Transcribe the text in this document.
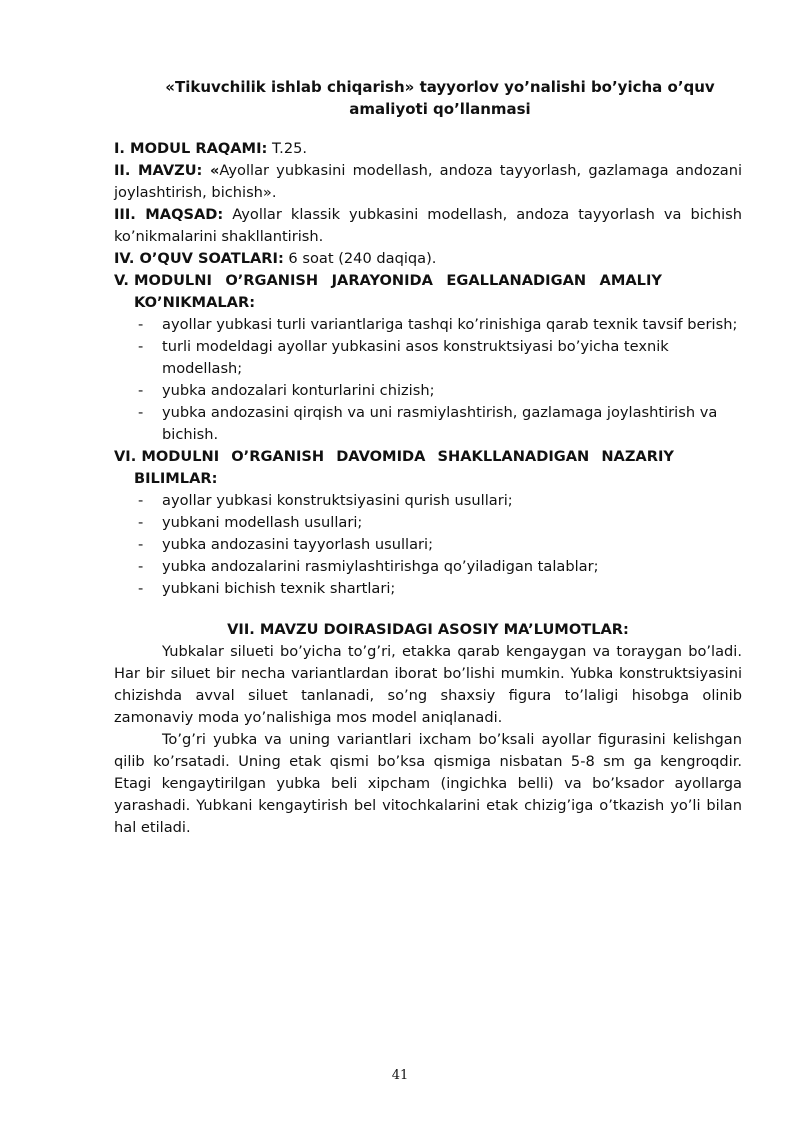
«Tikuvchilik ishlab chiqarish» tayyorlov yo’nalishi bo’yicha o’quv
amaliyoti qo’llanmasi

I. MODUL RAQAMI: T.25.

II. MAVZU: «Ayollar yubkasini modellash, andoza tayyorlash, gazlamaga andozani joylashtirish, bichish».

III. MAQSAD: Ayollar klassik yubkasini modellash, andoza tayyorlash va bichish ko’nikmalarini shakllantirish.

IV. O’QUV SOATLARI: 6 soat (240 daqiqa).

V. MODULNI O’RGANISH JARAYONIDA EGALLANADIGAN AMALIY
KO’NIKMALAR:
- ayollar yubkasi turli variantlariga tashqi ko’rinishiga qarab texnik tavsif berish;
- turli modeldagi ayollar yubkasini asos konstruktsiyasi bo’yicha texnik modellash;
- yubka andozalari konturlarini chizish;
- yubka andozasini qirqish va uni rasmiylashtirish, gazlamaga joylashtirish va bichish.
VI. MODULNI O’RGANISH DAVOMIDA SHAKLLANADIGAN NAZARIY
BILIMLAR:
- ayollar yubkasi konstruktsiyasini qurish usullari;
- yubkani modellash usullari;
- yubka andozasini tayyorlash usullari;
- yubka andozalarini rasmiylashtirishga qo’yiladigan talablar;
- yubkani bichish texnik shartlari;

VII. MAVZU DOIRASIDAGI ASOSIY MA’LUMOTLAR:

Yubkalar silueti bo’yicha to’g’ri, etakka qarab kengaygan va toraygan bo’ladi. Har bir siluet bir necha variantlardan iborat bo’lishi mumkin. Yubka konstruktsiyasini chizishda avval siluet tanlanadi, so’ng shaxsiy figura to’laligi hisobga olinib zamonaviy moda yo’nalishiga mos model aniqlanadi.

To’g’ri yubka va uning variantlari ixcham bo’ksali ayollar figurasini kelishgan qilib ko’rsatadi. Uning etak qismi bo’ksa qismiga nisbatan 5-8 sm ga kengroqdir. Etagi kengaytirilgan yubka beli xipcham (ingichka belli) va bo’ksador ayollarga yarashadi. Yubkani kengaytirish bel vitochkalarini etak chizig’iga o’tkazish yo’li bilan hal etiladi.

41
